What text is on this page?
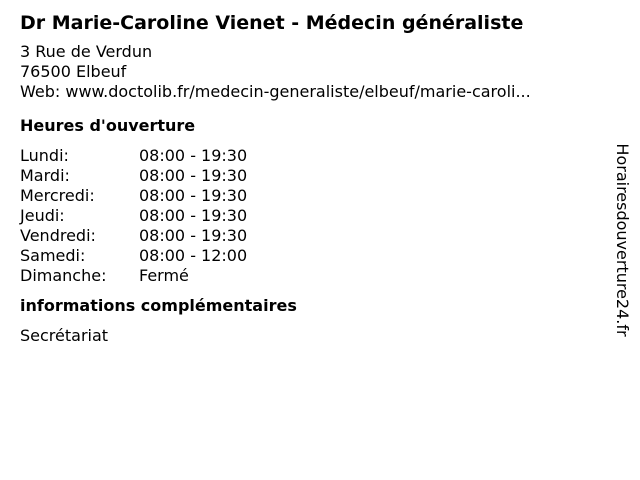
Dr Marie-Caroline Vienet - Médecin généraliste
3 Rue de Verdun
76500 Elbeuf
Web: www.doctolib.fr/medecin-generaliste/elbeuf/marie-caroli...
Heures d'ouverture
Lundi:	08:00 - 19:30
Mardi:	08:00 - 19:30
Mercredi:	08:00 - 19:30
Jeudi:	08:00 - 19:30
Vendredi:	08:00 - 19:30
Samedi:	08:00 - 12:00
Dimanche:	Fermé
informations complémentaires
Secrétariat	Horairesdouverture24.fr
